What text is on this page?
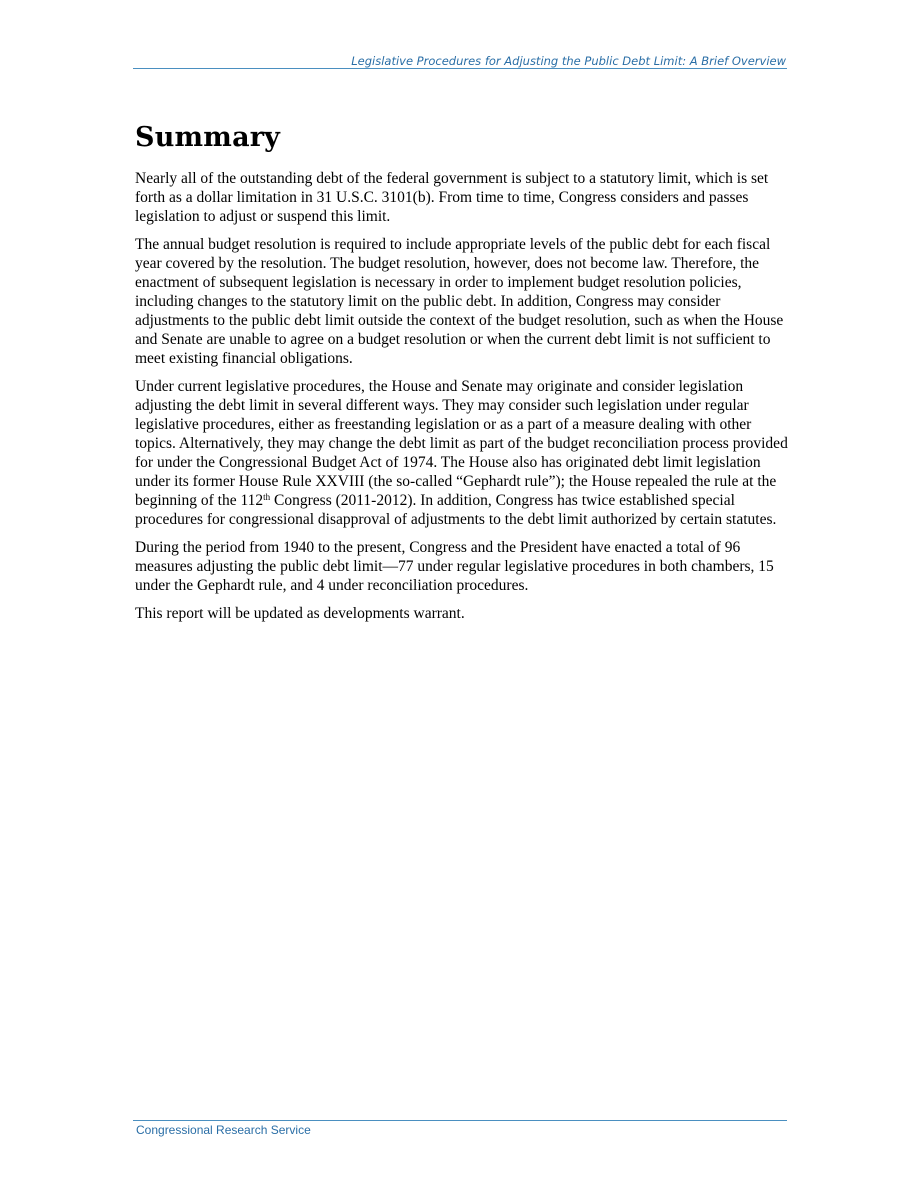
Legislative Procedures for Adjusting the Public Debt Limit: A Brief Overview
Summary

Nearly all of the outstanding debt of the federal government is subject to a statutory limit, which is set forth as a dollar limitation in 31 U.S.C. 3101(b). From time to time, Congress considers and passes legislation to adjust or suspend this limit.

The annual budget resolution is required to include appropriate levels of the public debt for each fiscal year covered by the resolution. The budget resolution, however, does not become law. Therefore, the enactment of subsequent legislation is necessary in order to implement budget resolution policies, including changes to the statutory limit on the public debt. In addition, Congress may consider adjustments to the public debt limit outside the context of the budget resolution, such as when the House and Senate are unable to agree on a budget resolution or when the current debt limit is not sufficient to meet existing financial obligations.

Under current legislative procedures, the House and Senate may originate and consider legislation adjusting the debt limit in several different ways. They may consider such legislation under regular legislative procedures, either as freestanding legislation or as a part of a measure dealing with other topics. Alternatively, they may change the debt limit as part of the budget reconciliation process provided for under the Congressional Budget Act of 1974. The House also has originated debt limit legislation under its former House Rule XXVIII (the so-called “Gephardt rule”); the House repealed the rule at the beginning of the 112th Congress (2011-2012). In addition, Congress has twice established special procedures for congressional disapproval of adjustments to the debt limit authorized by certain statutes.

During the period from 1940 to the present, Congress and the President have enacted a total of 96 measures adjusting the public debt limit—77 under regular legislative procedures in both chambers, 15 under the Gephardt rule, and 4 under reconciliation procedures.

This report will be updated as developments warrant.

Congressional Research Service
